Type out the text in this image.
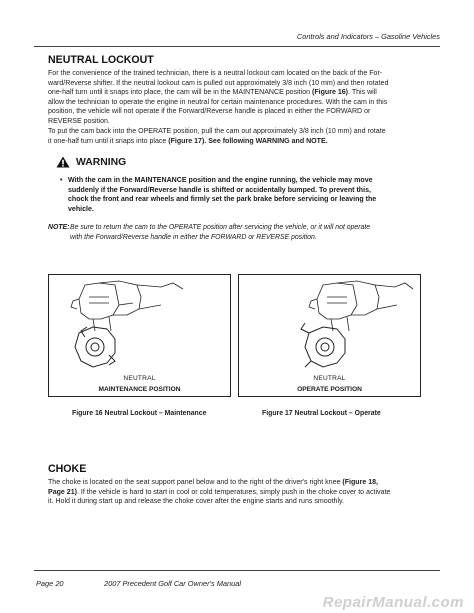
Controls and Indicators – Gasoline Vehicles
NEUTRAL LOCKOUT
For the convenience of the trained technician, there is a neutral lockout cam located on the back of the For-
ward/Reverse shifter. If the neutral lockout cam is pulled out approximately 3/8 inch (10 mm) and then rotated
one-half turn until it snaps into place, the cam will be in the MAINTENANCE position (Figure 16). This will
allow the technician to operate the engine in neutral for certain maintenance procedures. With the cam in this
position, the vehicle will not operate if the Forward/Reverse handle is placed in either the FORWARD or
REVERSE position.
To put the cam back into the OPERATE position, pull the cam out approximately 3/8 inch (10 mm) and rotate
it one-half turn until it snaps into place (Figure 17). See following WARNING and NOTE.
WARNING
• With the cam in the MAINTENANCE position and the engine running, the vehicle may move
suddenly if the Forward/Reverse handle is shifted or accidentally bumped. To prevent this,
chock the front and rear wheels and firmly set the park brake before servicing or leaving the
vehicle.
NOTE: Be sure to return the cam to the OPERATE position after servicing the vehicle, or it will not operate
with the Forward/Reverse handle in either the FORWARD or REVERSE position.
NEUTRAL
MAINTENANCE POSITION
NEUTRAL
OPERATE POSITION
Figure 16 Neutral Lockout – Maintenance	Figure 17 Neutral Lockout – Operate
CHOKE
The choke is located on the seat support panel below and to the right of the driver's right knee (Figure 18,
Page 21). If the vehicle is hard to start in cool or cold temperatures, simply push in the choke cover to activate
it. Hold it during start up and release the choke cover after the engine starts and runs smoothly.
Page 20	2007 Precedent Golf Car Owner's Manual
RepairManual.com
